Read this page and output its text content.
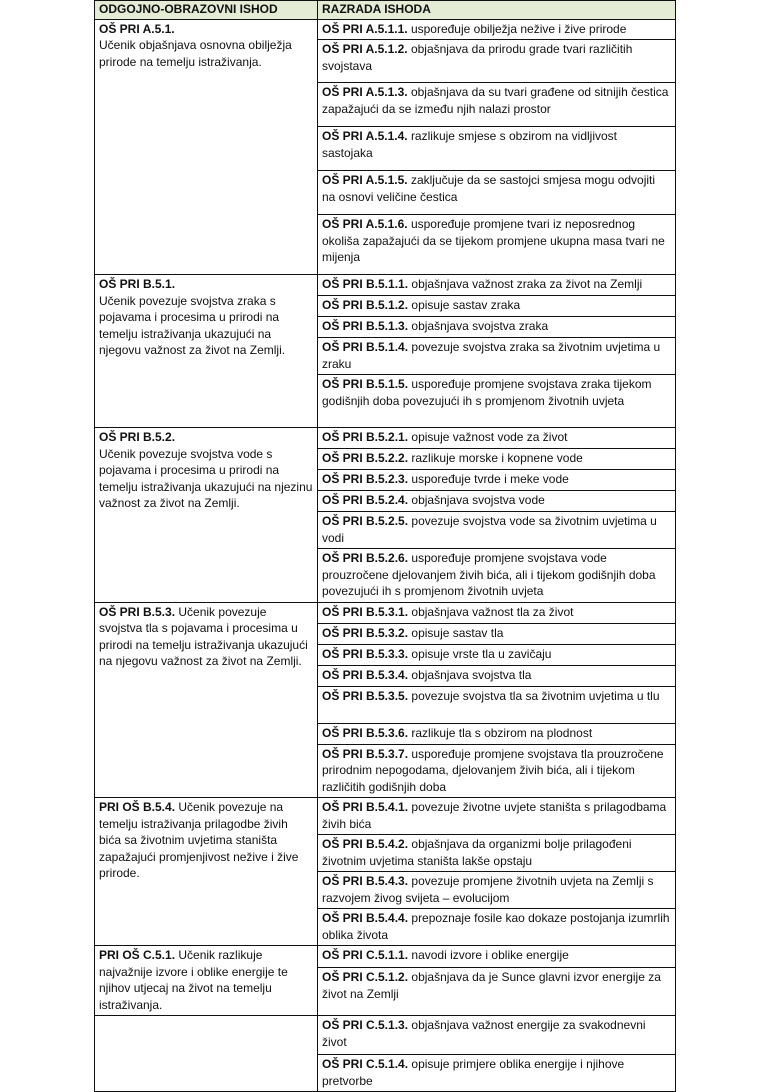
ODGOJNO-OBRAZOVNI ISHOD	RAZRADA ISHODA
OŠ PRI A.5.1.
Učenik objašnjava osnovna obilježja prirode na temelju istraživanja.	OŠ PRI A.5.1.1. uspoređuje obilježja nežive i žive prirode
	OŠ PRI A.5.1.2. objašnjava da prirodu grade tvari različitih svojstava
	OŠ PRI A.5.1.3. objašnjava da su tvari građene od sitnijih čestica zapažajući da se između njih nalazi prostor
	OŠ PRI A.5.1.4. razlikuje smjese s obzirom na vidljivost sastojaka
	OŠ PRI A.5.1.5. zaključuje da se sastojci smjesa mogu odvojiti na osnovi veličine čestica
	OŠ PRI A.5.1.6. uspoređuje promjene tvari iz neposrednog okoliša zapažajući da se tijekom promjene ukupna masa tvari ne mijenja
OŠ PRI B.5.1.
Učenik povezuje svojstva zraka s pojavama i procesima u prirodi na temelju istraživanja ukazujući na njegovu važnost za život na Zemlji.	OŠ PRI B.5.1.1. objašnjava važnost zraka za život na Zemlji
	OŠ PRI B.5.1.2. opisuje sastav zraka
	OŠ PRI B.5.1.3. objašnjava svojstva zraka
	OŠ PRI B.5.1.4. povezuje svojstva zraka sa životnim uvjetima u zraku
	OŠ PRI B.5.1.5. uspoređuje promjene svojstava zraka tijekom godišnjih doba povezujući ih s promjenom životnih uvjeta
OŠ PRI B.5.2.
Učenik povezuje svojstva vode s pojavama i procesima u prirodi na temelju istraživanja ukazujući na njezinu važnost za život na Zemlji.	OŠ PRI B.5.2.1. opisuje važnost vode za život
	OŠ PRI B.5.2.2. razlikuje morske i kopnene vode
	OŠ PRI B.5.2.3. uspoređuje tvrde i meke vode
	OŠ PRI B.5.2.4. objašnjava svojstva vode
	OŠ PRI B.5.2.5. povezuje svojstva vode sa životnim uvjetima u vodi
	OŠ PRI B.5.2.6. uspoređuje promjene svojstava vode prouzročene djelovanjem živih bića, ali i tijekom godišnjih doba povezujući ih s promjenom životnih uvjeta
OŠ PRI B.5.3. Učenik povezuje svojstva tla s pojavama i procesima u prirodi na temelju istraživanja ukazujući na njegovu važnost za život na Zemlji.	OŠ PRI B.5.3.1. objašnjava važnost tla za život
	OŠ PRI B.5.3.2. opisuje sastav tla
	OŠ PRI B.5.3.3. opisuje vrste tla u zavičaju
	OŠ PRI B.5.3.4. objašnjava svojstva tla
	OŠ PRI B.5.3.5. povezuje svojstva tla sa životnim uvjetima u tlu
	OŠ PRI B.5.3.6. razlikuje tla s obzirom na plodnost
	OŠ PRI B.5.3.7. uspoređuje promjene svojstava tla prouzročene prirodnim nepogodama, djelovanjem živih bića, ali i tijekom različitih godišnjih doba
PRI OŠ B.5.4. Učenik povezuje na temelju istraživanja prilagodbe živih bića sa životnim uvjetima staništa zapažajući promjenjivost nežive i žive prirode.	OŠ PRI B.5.4.1. povezuje životne uvjete staništa s prilagodbama živih bića
	OŠ PRI B.5.4.2. objašnjava da organizmi bolje prilagođeni životnim uvjetima staništa lakše opstaju
	OŠ PRI B.5.4.3. povezuje promjene životnih uvjeta na Zemlji s razvojem živog svijeta – evolucijom
	OŠ PRI B.5.4.4. prepoznaje fosile kao dokaze postojanja izumrlih oblika života
PRI OŠ C.5.1. Učenik razlikuje najvažnije izvore i oblike energije te njihov utjecaj na život na temelju istraživanja.	OŠ PRI C.5.1.1. navodi izvore i oblike energije
	OŠ PRI C.5.1.2. objašnjava da je Sunce glavni izvor energije za život na Zemlji
	OŠ PRI C.5.1.3. objašnjava važnost energije za svakodnevni život
	OŠ PRI C.5.1.4. opisuje primjere oblika energije i njihove pretvorbe
